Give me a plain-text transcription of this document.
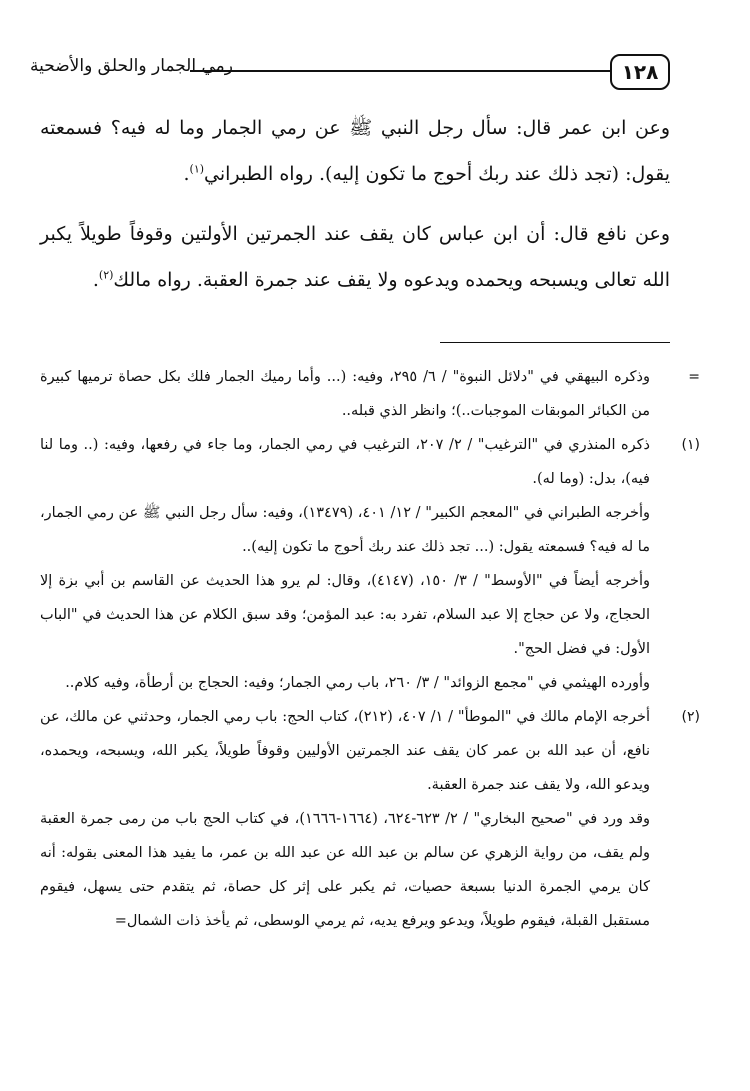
١٢٨
رمي الجمار والحلق والأضحية

وعن ابن عمر قال: سأل رجل النبي ﷺ عن رمي الجمار وما له فيه؟ فسمعته يقول: (تجد ذلك عند ربك أحوج ما تكون إليه). رواه الطبراني$^{(١)}$.

وعن نافع قال: أن ابن عباس كان يقف عند الجمرتين الأولتين وقوفاً طويلاً يكبر الله تعالى ويسبحه ويحمده ويدعوه ولا يقف عند جمرة العقبة. رواه مالك$^{(٢)}$.

=

وذكره البيهقي في "دلائل النبوة" / ٦/ ٢٩٥، وفيه: (... وأما رميك الجمار فلك بكل حصاة ترميها كبيرة من الكبائر الموبقات الموجبات..)؛ وانظر الذي قبله..

(١)

ذكره المنذري في "الترغيب" / ٢/ ٢٠٧، الترغيب في رمي الجمار، وما جاء في رفعها، وفيه: (.. وما لنا فيه)، بدل: (وما له).

وأخرجه الطبراني في "المعجم الكبير" / ١٢/ ٤٠١، (١٣٤٧٩)، وفيه: سأل رجل النبي ﷺ عن رمي الجمار، ما له فيه؟ فسمعته يقول: (... تجد ذلك عند ربك أحوج ما تكون إليه)..

وأخرجه أيضاً في "الأوسط" / ٣/ ١٥٠، (٤١٤٧)، وقال: لم يرو هذا الحديث عن القاسم بن أبي بزة إلا الحجاج، ولا عن حجاج إلا عبد السلام، تفرد به: عبد المؤمن؛ وقد سبق الكلام عن هذا الحديث في "الباب الأول: في فضل الحج".

وأورده الهيثمي في "مجمع الزوائد" / ٣/ ٢٦٠، باب رمي الجمار؛ وفيه: الحجاج بن أرطأة، وفيه كلام..

(٢)

أخرجه الإمام مالك في "الموطأ" / ١/ ٤٠٧، (٢١٢)، كتاب الحج: باب رمي الجمار، وحدثني عن مالك، عن نافع، أن عبد الله بن عمر كان يقف عند الجمرتين الأوليين وقوفاً طويلاً، يكبر الله، ويسبحه، ويحمده، ويدعو الله، ولا يقف عند جمرة العقبة.

وقد ورد في "صحيح البخاري" / ٢/ ٦٢٣-٦٢٤، (١٦٦٤-١٦٦٦)، في كتاب الحج باب من رمى جمرة العقبة ولم يقف، من رواية الزهري عن سالم بن عبد الله عن عبد الله بن عمر، ما يفيد هذا المعنى بقوله: أنه كان يرمي الجمرة الدنيا بسبعة حصيات، ثم يكبر على إثر كل حصاة، ثم يتقدم حتى يسهل، فيقوم مستقبل القبلة، فيقوم طويلاً، ويدعو ويرفع يديه، ثم يرمي الوسطى، ثم يأخذ ذات الشمال=
